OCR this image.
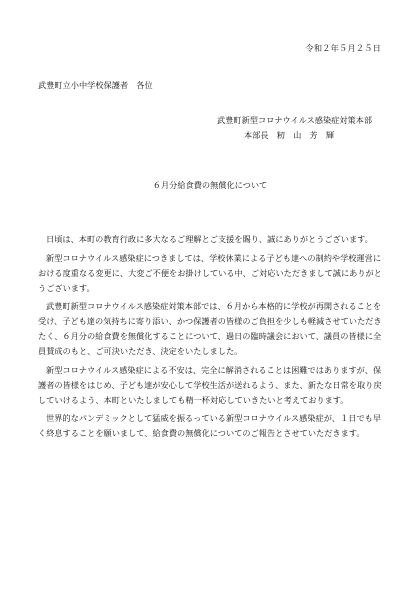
令和２年５月２５日
武豊町立小中学校保護者　各位
武豊町新型コロナウイルス感染症対策本部
本部長　籾　山　芳　輝
６月分給食費の無償化について

日頃は、本町の教育行政に多大なるご理解とご支援を賜り、誠にありがとうございます。

新型コロナウイルス感染症につきましては、学校休業による子ども達への制約や学校運営における度重なる変更に、大変ご不便をお掛けしている中、ご対応いただきまして誠にありがとうございます。

武豊町新型コロナウイルス感染症対策本部では、６月から本格的に学校が再開されることを受け、子ども達の気持ちに寄り添い、かつ保護者の皆様のご負担を少しも軽減させていただきたく、６月分の給食費を無償化することについて、過日の臨時議会において、議員の皆様に全員賛成のもと、ご可決いただき、決定をいたしました。

新型コロナウイルス感染症による不安は、完全に解消されることは困難ではありますが、保護者の皆様をはじめ、子ども達が安心して学校生活が送れるよう、また、新たな日常を取り戻していけるよう、本町といたしましても精一杯対応していきたいと考えております。

世界的なパンデミックとして猛威を振るっている新型コロナウイルス感染症が、１日でも早く終息することを願いまして、給食費の無償化についてのご報告とさせていただきます。
